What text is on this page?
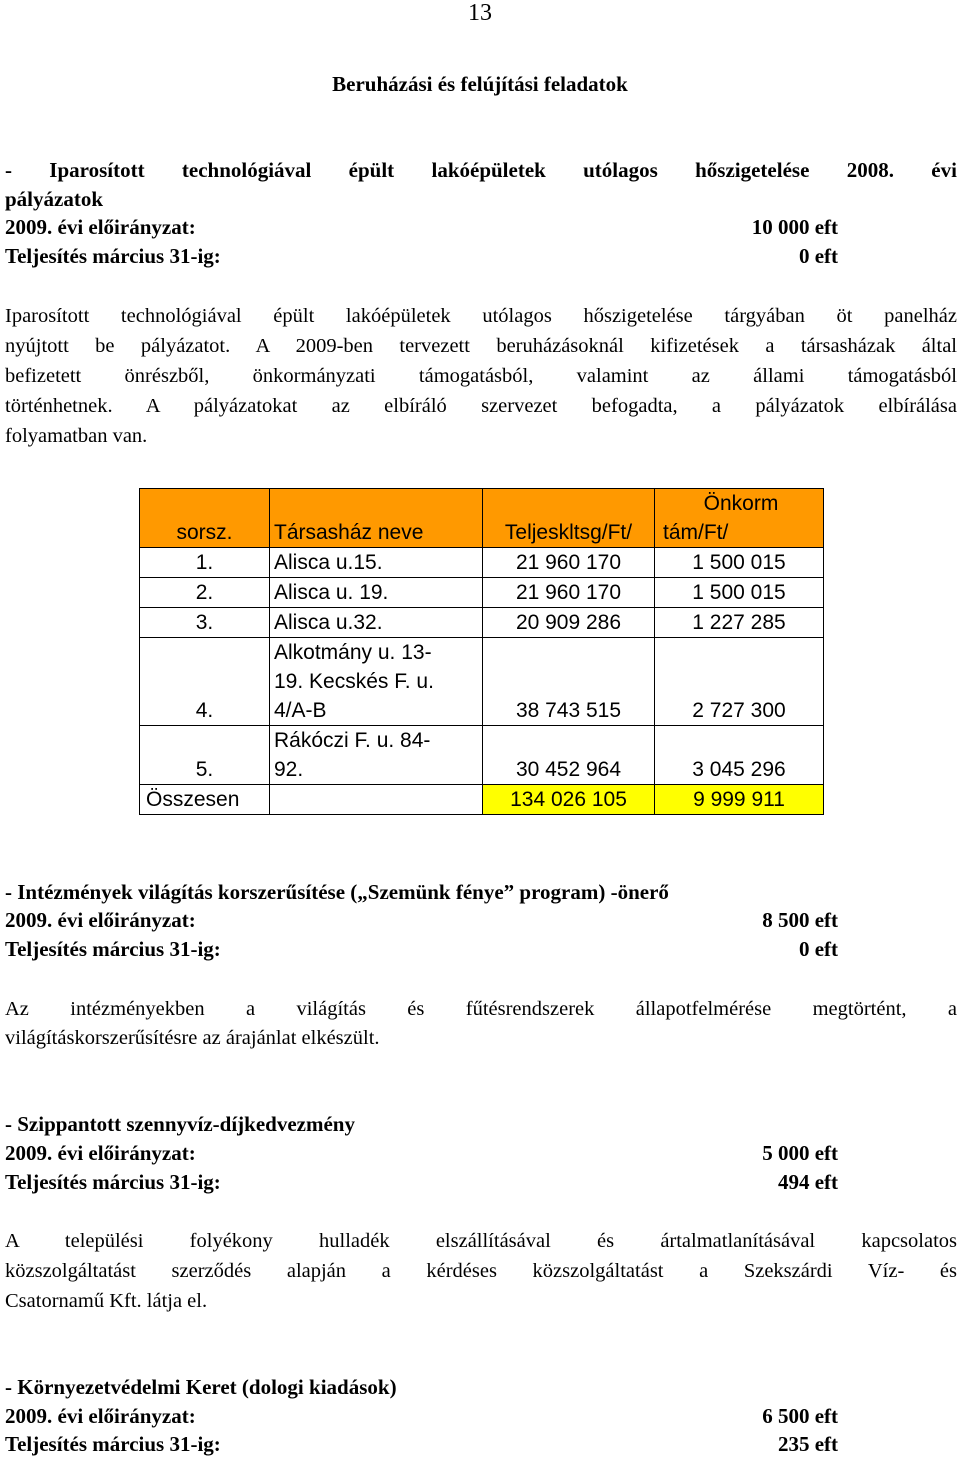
13
Beruházási és felújítási feladatok
- Iparosított technológiával épült lakóépületek utólagos hőszigetelése 2008. évi
pályázatok
2009. évi előirányzat:	10 000 eft
Teljesítés március 31-ig:	0 eft
Iparosított technológiával épült lakóépületek utólagos hőszigetelése tárgyában öt panelház
nyújtott be pályázatot. A 2009-ben tervezett beruházásoknál kifizetések a társasházak által
befizetett önrészből, önkormányzati támogatásból, valamint az állami támogatásból
történhetnek. A pályázatokat az elbíráló szervezet befogadta, a pályázatok elbírálása
folyamatban van.
sorsz.	Társasház neve	Teljeskltsg/Ft/	Önkorm
tám/Ft/

1.	Alisca u.15.	21 960 170	1 500 015
2.	Alisca u. 19.	21 960 170	1 500 015
3.	Alisca u.32.	20 909 286	1 227 285
4.	Alkotmány u. 13-
19. Kecskés F. u.
4/A-B	38 743 515	2 727 300
5.	Rákóczi F. u. 84-
92.	30 452 964	3 045 296
Összesen		134 026 105	9 999 911
- Intézmények világítás korszerűsítése („Szemünk fénye” program) -önerő
2009. évi előirányzat:	8 500 eft
Teljesítés március 31-ig:	0 eft
Az intézményekben a világítás és fűtésrendszerek állapotfelmérése megtörtént, a
világításkorszerűsítésre az árajánlat elkészült.
- Szippantott szennyvíz-díjkedvezmény
2009. évi előirányzat:	5 000 eft
Teljesítés március 31-ig:	494 eft
A települési folyékony hulladék elszállításával és ártalmatlanításával kapcsolatos
közszolgáltatást szerződés alapján a kérdéses közszolgáltatást a Szekszárdi Víz- és
Csatornamű Kft. látja el.
- Környezetvédelmi Keret (dologi kiadások)
2009. évi előirányzat:	6 500 eft
Teljesítés március 31-ig:	235 eft
